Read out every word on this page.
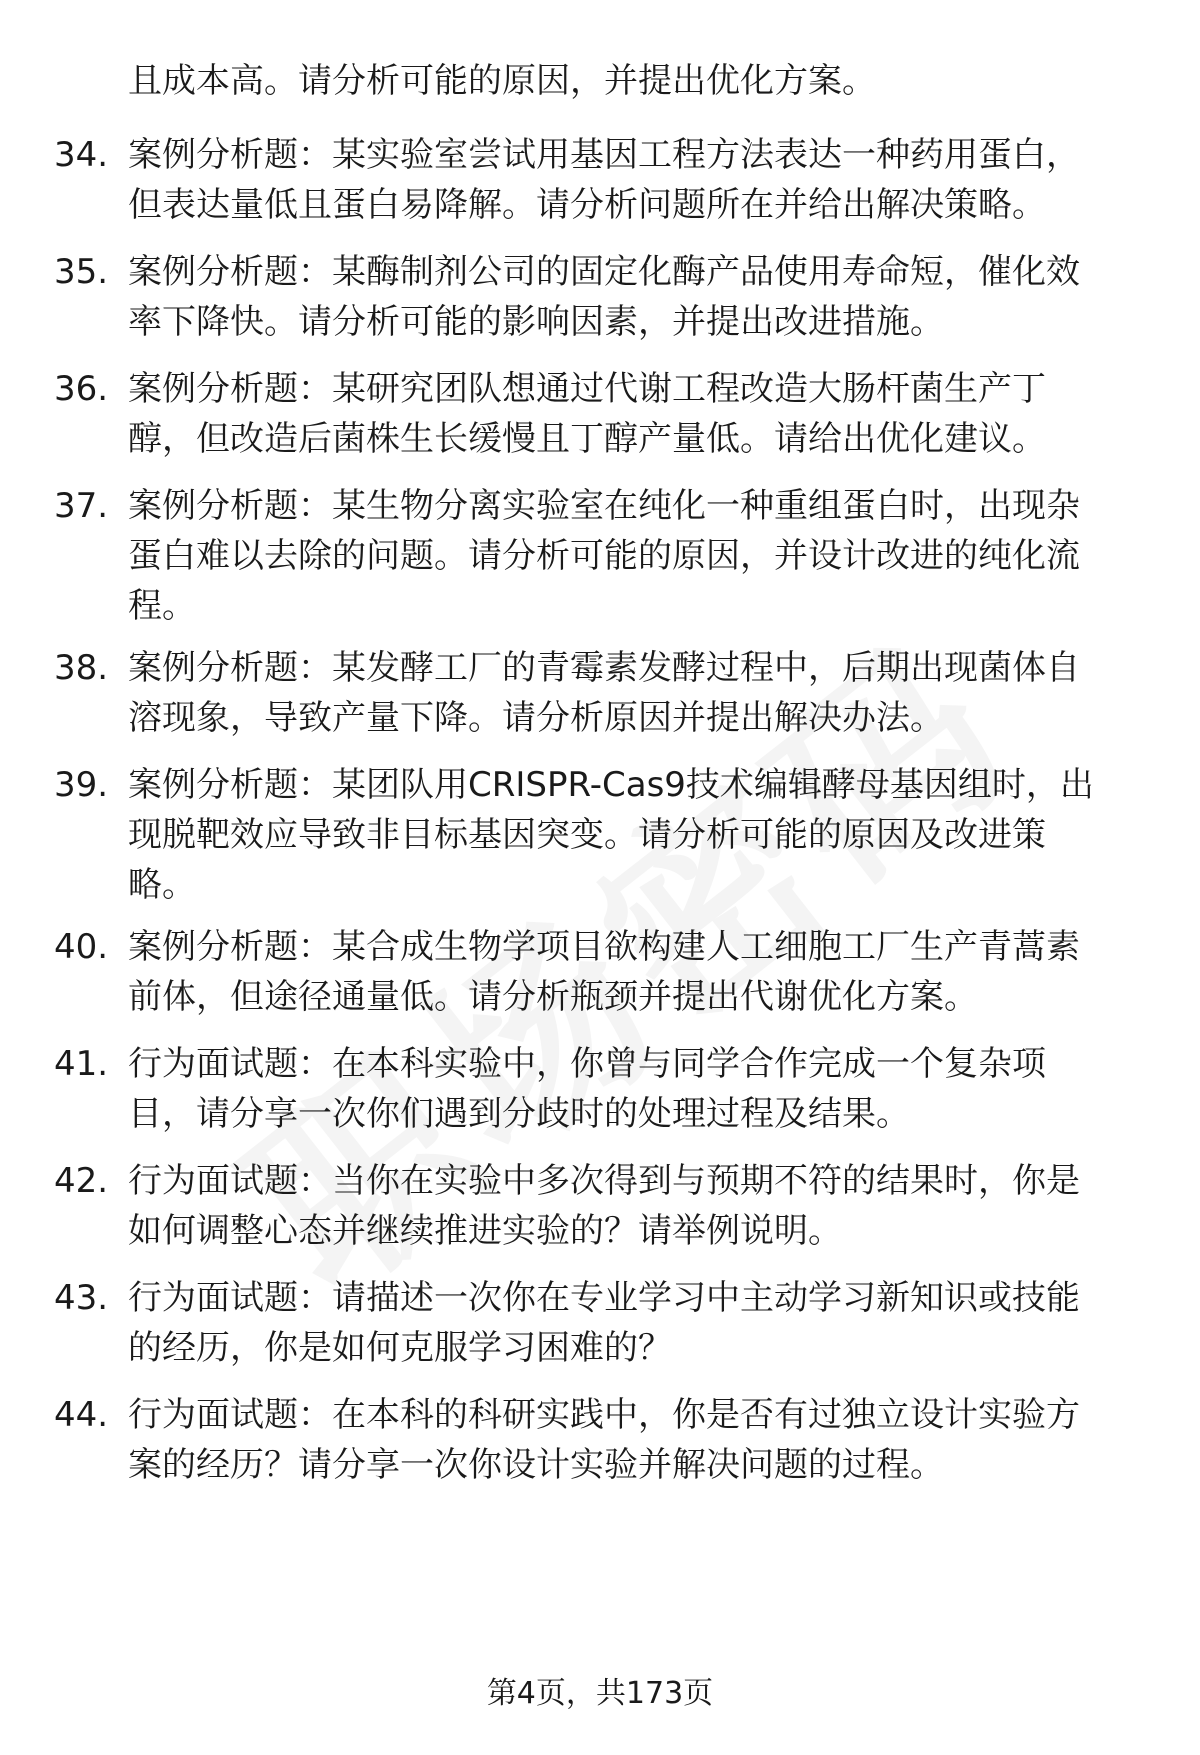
且成本高。请分析可能的原因，并提出优化方案。
34. 案例分析题：某实验室尝试用基因工程方法表达一种药用蛋白，
但表达量低且蛋白易降解。请分析问题所在并给出解决策略。
35. 案例分析题：某酶制剂公司的固定化酶产品使用寿命短，催化效
率下降快。请分析可能的影响因素，并提出改进措施。
36. 案例分析题：某研究团队想通过代谢工程改造大肠杆菌生产丁
醇，但改造后菌株生长缓慢且丁醇产量低。请给出优化建议。
37. 案例分析题：某生物分离实验室在纯化一种重组蛋白时，出现杂
蛋白难以去除的问题。请分析可能的原因，并设计改进的纯化流
程。
38. 案例分析题：某发酵工厂的青霉素发酵过程中，后期出现菌体自
溶现象，导致产量下降。请分析原因并提出解决办法。
39. 案例分析题：某团队用CRISPR-Cas9技术编辑酵母基因组时，出
现脱靶效应导致非目标基因突变。请分析可能的原因及改进策
略。
40. 案例分析题：某合成生物学项目欲构建人工细胞工厂生产青蒿素
前体，但途径通量低。请分析瓶颈并提出代谢优化方案。
41. 行为面试题：在本科实验中，你曾与同学合作完成一个复杂项
目，请分享一次你们遇到分歧时的处理过程及结果。
42. 行为面试题：当你在实验中多次得到与预期不符的结果时，你是
如何调整心态并继续推进实验的？请举例说明。
43. 行为面试题：请描述一次你在专业学习中主动学习新知识或技能
的经历，你是如何克服学习困难的？
44. 行为面试题：在本科的科研实践中，你是否有过独立设计实验方
案的经历？请分享一次你设计实验并解决问题的过程。
第4页，共173页
